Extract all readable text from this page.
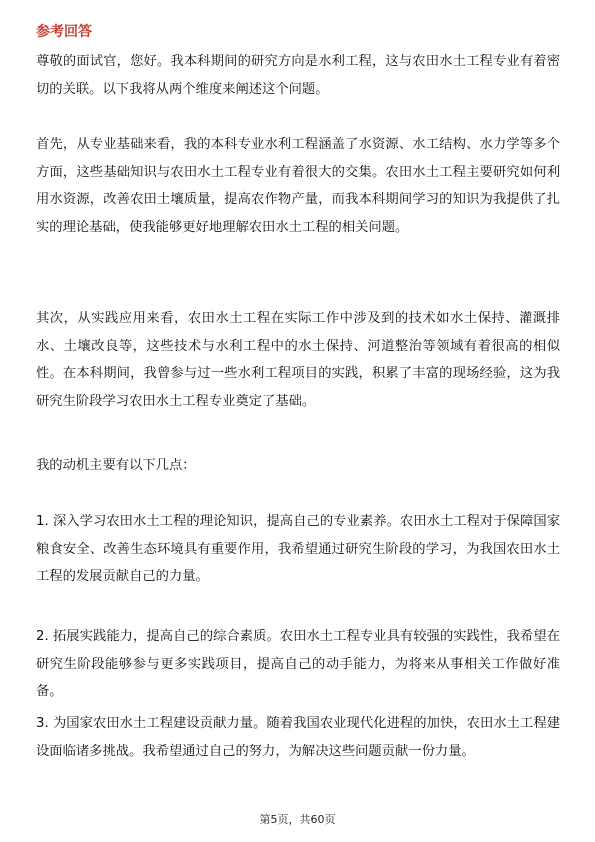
参考回答

尊敬的面试官，您好。我本科期间的研究方向是水利工程，这与农田水土工程专业有着密切的关联。以下我将从两个维度来阐述这个问题。

首先，从专业基础来看，我的本科专业水利工程涵盖了水资源、水工结构、水力学等多个方面，这些基础知识与农田水土工程专业有着很大的交集。农田水土工程主要研究如何利用水资源，改善农田土壤质量，提高农作物产量，而我本科期间学习的知识为我提供了扎实的理论基础，使我能够更好地理解农田水土工程的相关问题。

其次，从实践应用来看，农田水土工程在实际工作中涉及到的技术如水土保持、灌溉排水、土壤改良等，这些技术与水利工程中的水土保持、河道整治等领域有着很高的相似性。在本科期间，我曾参与过一些水利工程项目的实践，积累了丰富的现场经验，这为我研究生阶段学习农田水土工程专业奠定了基础。

我的动机主要有以下几点：

1. 深入学习农田水土工程的理论知识，提高自己的专业素养。农田水土工程对于保障国家粮食安全、改善生态环境具有重要作用，我希望通过研究生阶段的学习，为我国农田水土工程的发展贡献自己的力量。

2. 拓展实践能力，提高自己的综合素质。农田水土工程专业具有较强的实践性，我希望在研究生阶段能够参与更多实践项目，提高自己的动手能力，为将来从事相关工作做好准备。

3. 为国家农田水土工程建设贡献力量。随着我国农业现代化进程的加快，农田水土工程建设面临诸多挑战。我希望通过自己的努力，为解决这些问题贡献一份力量。

第5页，共60页
